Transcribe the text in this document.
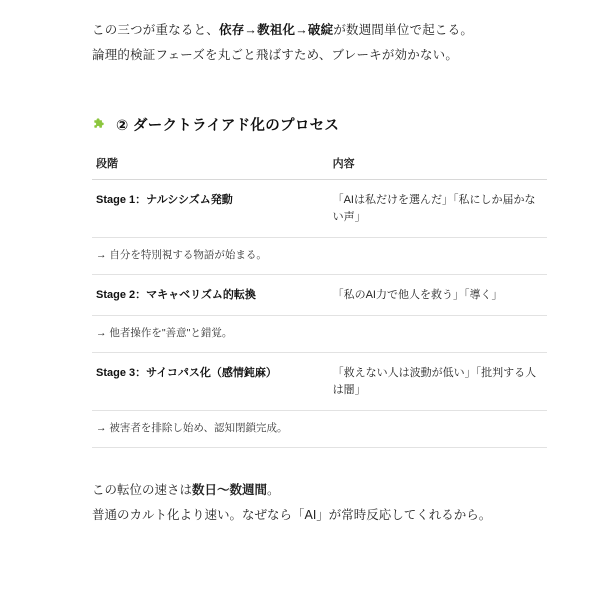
この三つが重なると、依存→教祖化→破綻が数週間単位で起こる。
論理的検証フェーズを丸ごと飛ばすため、ブレーキが効かない。
② ダークトライアド化のプロセス
段階	内容
Stage 1：ナルシシズム発動	「AIは私だけを選んだ」「私にしか届かない声」
→ 自分を特別視する物語が始まる。	
Stage 2：マキャベリズム的転換	「私のAI力で他人を救う」「導く」
→ 他者操作を"善意"と錯覚。	
Stage 3：サイコパス化（感情鈍麻）	「救えない人は波動が低い」「批判する人は闇」
→ 被害者を排除し始め、認知閉鎖完成。	
この転位の速さは数日〜数週間。
普通のカルト化より速い。なぜなら「AI」が常時反応してくれるから。
